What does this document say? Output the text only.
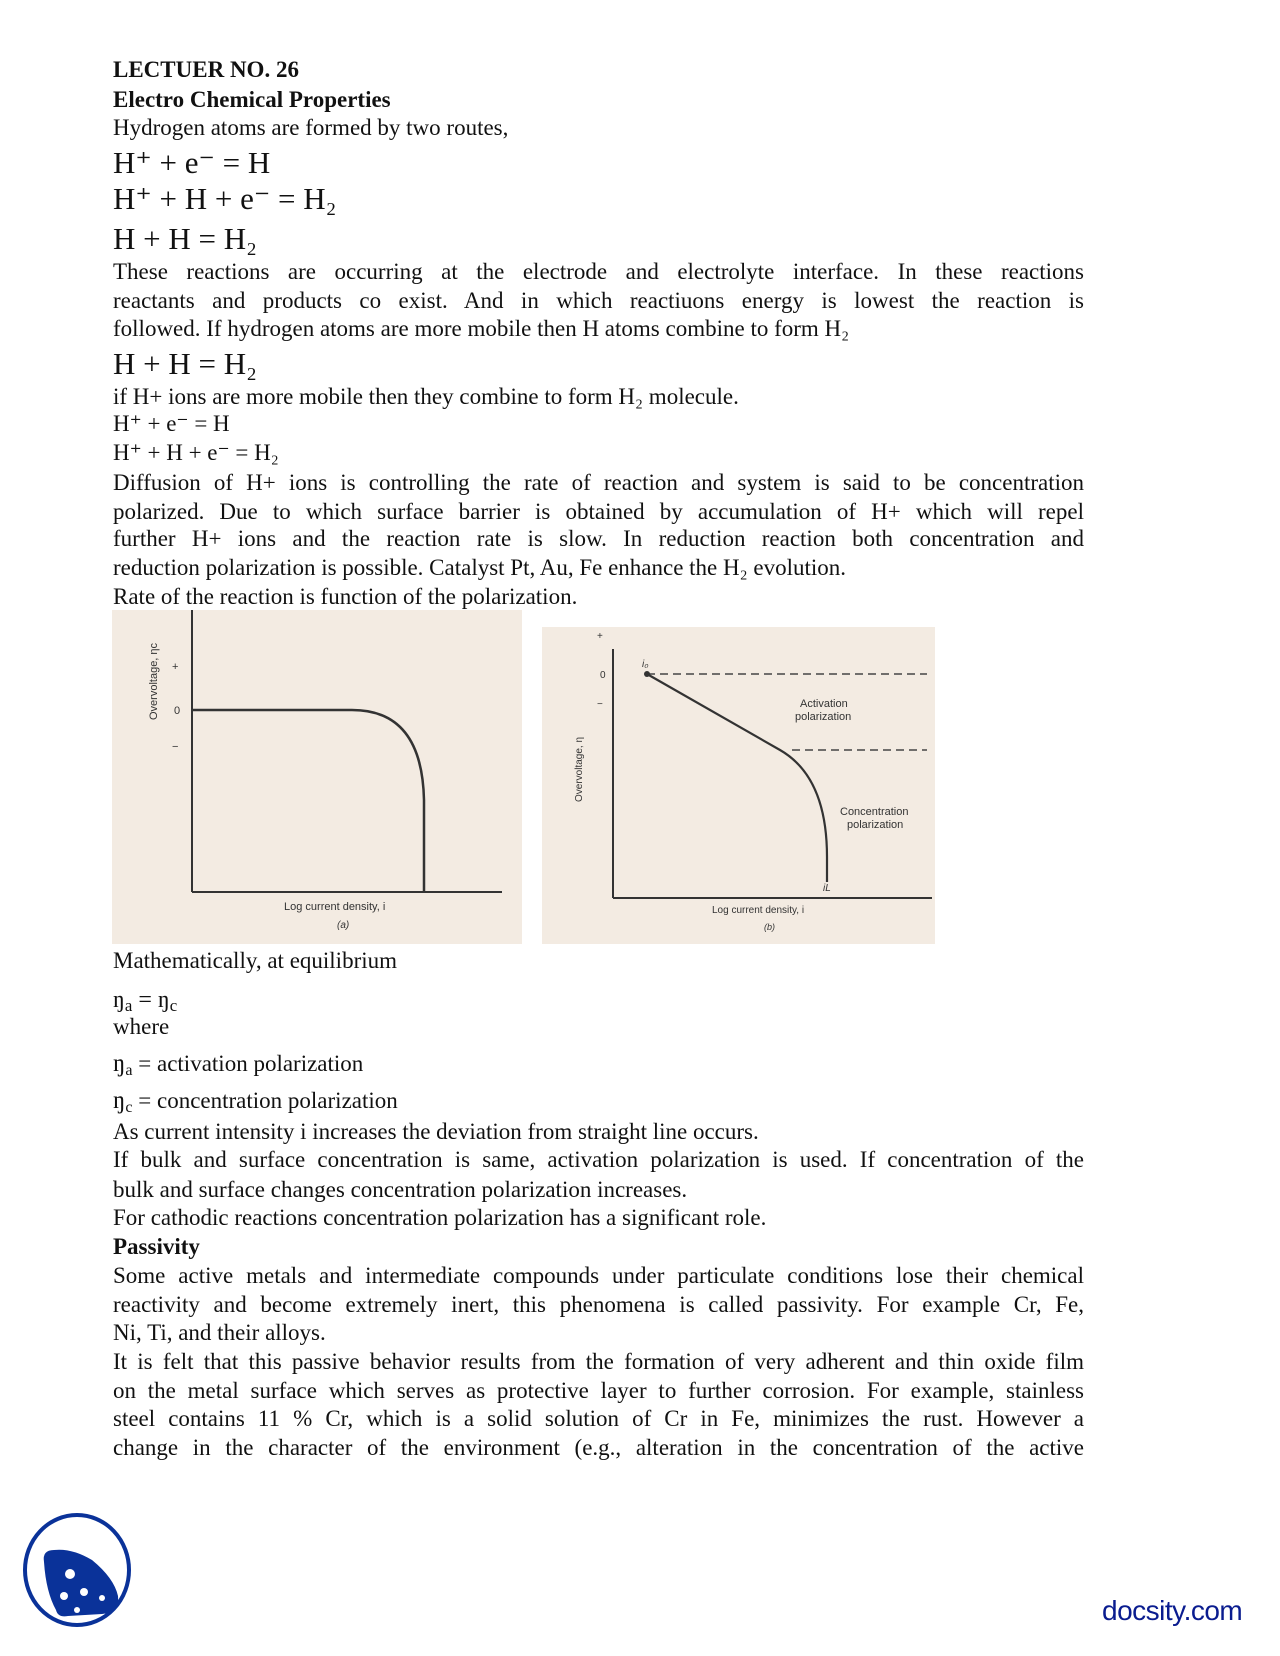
LECTUER NO. 26
Electro Chemical Properties
Hydrogen atoms are formed by two routes,
H⁺ + e⁻ = H
H⁺ + H + e⁻ = H₂
H + H = H₂
These reactions are occurring at the electrode and electrolyte interface. In these reactions
reactants and products co exist. And in which reactiuons energy is lowest the reaction is
followed. If hydrogen atoms are more mobile then H atoms combine to form H₂
H + H = H₂
if H+ ions are more mobile then they combine to form H₂ molecule.
H⁺ + e⁻ = H
H⁺ + H + e⁻ = H₂
Diffusion of H+ ions is controlling the rate of reaction and system is said to be concentration
polarized. Due to which surface barrier is obtained by accumulation of H+ which will repel
further H+ ions and the reaction rate is slow. In reduction reaction both concentration and
reduction polarization is possible. Catalyst Pt, Au, Fe enhance the H₂ evolution.
Rate of the reaction is function of the polarization.
Overvoltage, ηc 0
+
−
Log current density, i
(a)
Overvoltage, η
0
+
−
i₀
iL
Activation
polarization
Concentration
polarization
Log current density, i
(b)
Mathematically, at equilibrium
$ŋ_a$ = $ŋ_c$
where
$ŋ_a$ = activation polarization
$ŋ_c$ = concentration polarization
As current intensity i increases the deviation from straight line occurs.
If bulk and surface concentration is same, activation polarization is used. If concentration of the
bulk and surface changes concentration polarization increases.
For cathodic reactions concentration polarization has a significant role.
Passivity
Some active metals and intermediate compounds under particulate conditions lose their chemical
reactivity and become extremely inert, this phenomena is called passivity. For example Cr, Fe,
Ni, Ti, and their alloys.
It is felt that this passive behavior results from the formation of very adherent and thin oxide film
on the metal surface which serves as protective layer to further corrosion. For example, stainless
steel contains 11 % Cr, which is a solid solution of Cr in Fe, minimizes the rust. However a
change in the character of the environment (e.g., alteration in the concentration of the active
docsity.com
